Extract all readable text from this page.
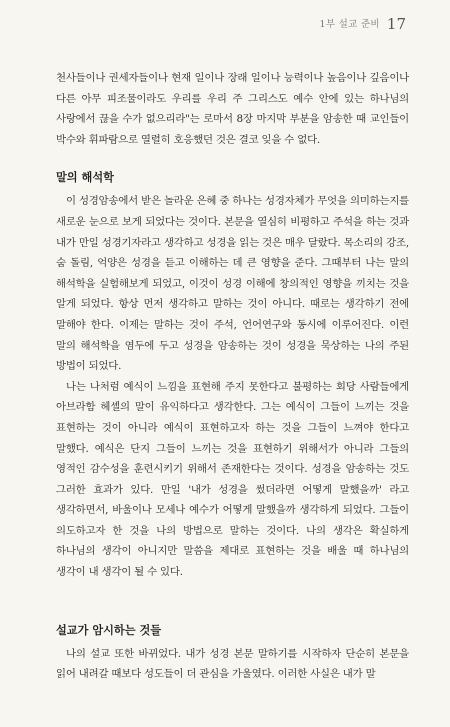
1부 설교 준비 17

천사들이나 권세자들이나 현재 일이나 장래 일이나 능력이나 높음이나 깊음이나 다른 아무 피조물이라도 우리를 우리 주 그리스도 예수 안에 있는 하나님의 사랑에서 끊을 수가 없으리라"는 로마서 8장 마지막 부분을 암송한 때 교인들이 박수와 휘파람으로 열렬히 호응했던 것은 결코 잊을 수 없다.

말의 해석학

이 성경암송에서 받은 놀라운 은혜 중 하나는 성경자체가 무엇을 의미하는지를 새로운 눈으로 보게 되었다는 것이다. 본문을 열심히 비평하고 주석을 하는 것과 내가 만일 성경기자라고 생각하고 성경을 읽는 것은 매우 달랐다. 목소리의 강조, 숨 돌림, 억양은 성경을 듣고 이해하는 데 큰 영향을 준다. 그때부터 나는 말의 해석학을 실험해보게 되었고, 이것이 성경 이해에 창의적인 영향을 끼치는 것을 알게 되었다. 항상 먼저 생각하고 말하는 것이 아니다. 때로는 생각하기 전에 말해야 한다. 이제는 말하는 것이 주석, 언어연구와 동시에 이루어진다. 이런 말의 해석학을 염두에 두고 성경을 암송하는 것이 성경을 묵상하는 나의 주된 방법이 되었다.

나는 나처럼 예식이 느낌을 표현해 주지 못한다고 불평하는 회당 사람들에게 아브라함 헤셸의 말이 유익하다고 생각한다. 그는 예식이 그들이 느끼는 것을 표현하는 것이 아니라 예식이 표현하고자 하는 것을 그들이 느껴야 한다고 말했다. 예식은 단지 그들이 느끼는 것을 표현하기 위해서가 아니라 그들의 영적인 감수성을 훈련시키기 위해서 존재한다는 것이다. 성경을 암송하는 것도 그러한 효과가 있다. 만일 '내가 성경을 썼더라면 어떻게 말했을까' 라고 생각하면서, 바울이나 모세나 예수가 어떻게 말했을까 생각하게 되었다. 그들이 의도하고자 한 것을 나의 방법으로 말하는 것이다. 나의 생각은 확실하게 하나님의 생각이 아니지만 말씀을 제대로 표현하는 것을 배울 때 하나님의 생각이 내 생각이 될 수 있다.

설교가 암시하는 것들

나의 설교 또한 바뀌었다. 내가 성경 본문 말하기를 시작하자 단순히 본문을 읽어 내려갈 때보다 성도들이 더 관심을 가울였다. 이러한 사실은 내가 말
